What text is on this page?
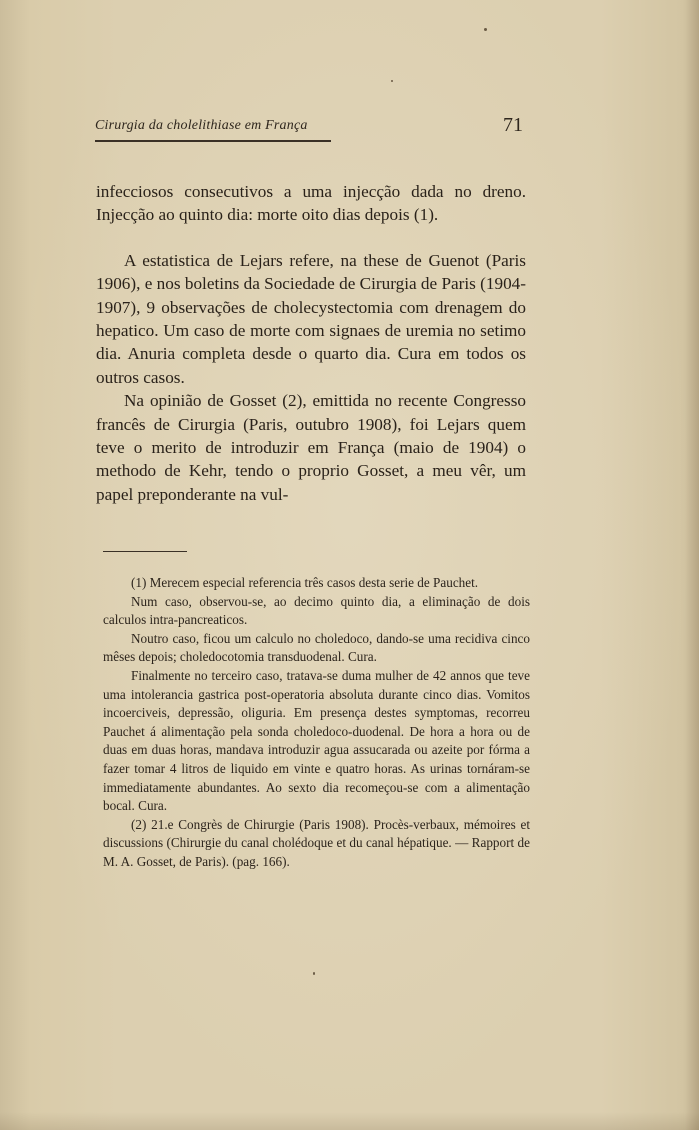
Cirurgia da cholelithiase em França	71

infecciosos consecutivos a uma injecção dada no dreno. Injecção ao quinto dia: morte oito dias depois (1).

A estatistica de Lejars refere, na these de Guenot (Paris 1906), e nos boletins da Sociedade de Cirurgia de Paris (1904-1907), 9 observações de cholecystectomia com drenagem do hepatico. Um caso de morte com signaes de uremia no setimo dia. Anuria completa desde o quarto dia. Cura em todos os outros casos.

Na opinião de Gosset (2), emittida no recente Congresso francês de Cirurgia (Paris, outubro 1908), foi Lejars quem teve o merito de introduzir em França (maio de 1904) o methodo de Kehr, tendo o proprio Gosset, a meu vêr, um papel preponderante na vul-

(1) Merecem especial referencia três casos desta serie de Pauchet.

Num caso, observou-se, ao decimo quinto dia, a eliminação de dois calculos intra-pancreaticos.

Noutro caso, ficou um calculo no choledoco, dando-se uma recidiva cinco mêses depois; choledocotomia transduodenal. Cura.

Finalmente no terceiro caso, tratava-se duma mulher de 42 annos que teve uma intolerancia gastrica post-operatoria absoluta durante cinco dias. Vomitos incoerciveis, depressão, oliguria. Em presença destes symptomas, recorreu Pauchet á alimentação pela sonda choledoco-duodenal. De hora a hora ou de duas em duas horas, mandava introduzir agua assucarada ou azeite por fórma a fazer tomar 4 litros de liquido em vinte e quatro horas. As urinas tornáram-se immediatamente abundantes. Ao sexto dia recomeçou-se com a alimentação bocal. Cura.

(2) 21.e Congrès de Chirurgie (Paris 1908). Procès-verbaux, mémoires et discussions (Chirurgie du canal cholédoque et du canal hépatique. — Rapport de M. A. Gosset, de Paris). (pag. 166).
